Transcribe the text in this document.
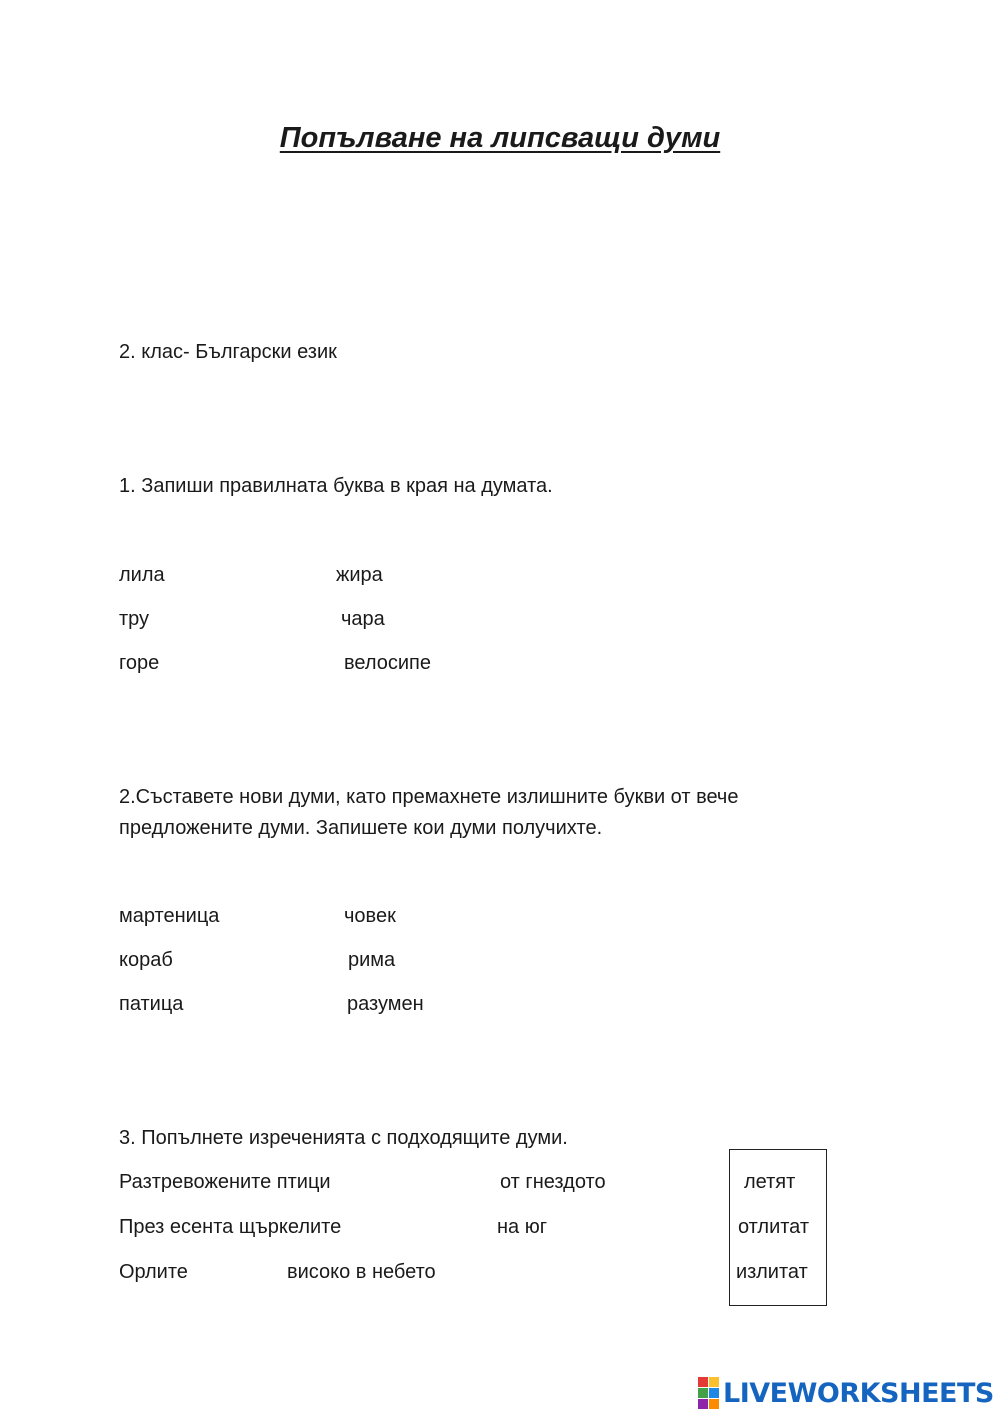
Попълване на липсващи думи
2. клас- Български език
1. Запиши правилната буква в края на думата.
лила	жира
тру	чара
горе	велосипе
2.Съставете нови думи, като премахнете излишните букви от вече
предложените думи. Запишете кои думи получихте.
мартеница	човек
кораб	рима
патица	разумен
3. Попълнете изреченията с подходящите думи.
Разтревожените птици	от гнездото
През есента щъркелите	на юг
Орлите	високо в небето
летят
отлитат
излитат
LIVEWORKSHEETS
